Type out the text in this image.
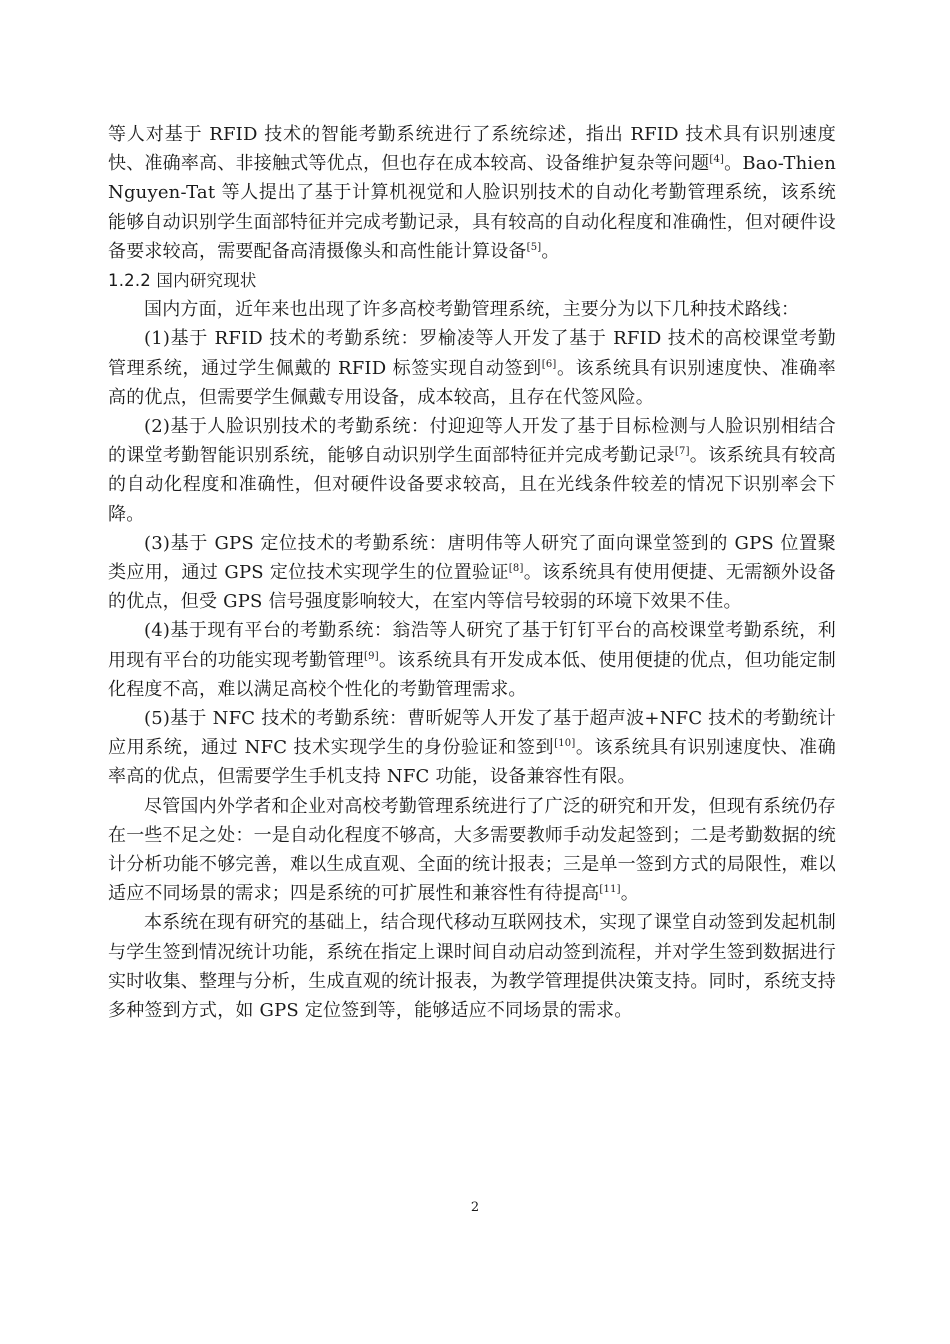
等人对基于 RFID 技术的智能考勤系统进行了系统综述，指出 RFID 技术具有识别速度快、准确率高、非接触式等优点，但也存在成本较高、设备维护复杂等问题[4]。Bao-Thien Nguyen-Tat 等人提出了基于计算机视觉和人脸识别技术的自动化考勤管理系统，该系统能够自动识别学生面部特征并完成考勤记录，具有较高的自动化程度和准确性，但对硬件设备要求较高，需要配备高清摄像头和高性能计算设备[5]。

1.2.2 国内研究现状

国内方面，近年来也出现了许多高校考勤管理系统，主要分为以下几种技术路线：

(1)基于 RFID 技术的考勤系统：罗榆凌等人开发了基于 RFID 技术的高校课堂考勤管理系统，通过学生佩戴的 RFID 标签实现自动签到[6]。该系统具有识别速度快、准确率高的优点，但需要学生佩戴专用设备，成本较高，且存在代签风险。

(2)基于人脸识别技术的考勤系统：付迎迎等人开发了基于目标检测与人脸识别相结合的课堂考勤智能识别系统，能够自动识别学生面部特征并完成考勤记录[7]。该系统具有较高的自动化程度和准确性，但对硬件设备要求较高，且在光线条件较差的情况下识别率会下降。

(3)基于 GPS 定位技术的考勤系统：唐明伟等人研究了面向课堂签到的 GPS 位置聚类应用，通过 GPS 定位技术实现学生的位置验证[8]。该系统具有使用便捷、无需额外设备的优点，但受 GPS 信号强度影响较大，在室内等信号较弱的环境下效果不佳。

(4)基于现有平台的考勤系统：翁浩等人研究了基于钉钉平台的高校课堂考勤系统，利用现有平台的功能实现考勤管理[9]。该系统具有开发成本低、使用便捷的优点，但功能定制化程度不高，难以满足高校个性化的考勤管理需求。

(5)基于 NFC 技术的考勤系统：曹昕妮等人开发了基于超声波+NFC 技术的考勤统计应用系统，通过 NFC 技术实现学生的身份验证和签到[10]。该系统具有识别速度快、准确率高的优点，但需要学生手机支持 NFC 功能，设备兼容性有限。

尽管国内外学者和企业对高校考勤管理系统进行了广泛的研究和开发，但现有系统仍存在一些不足之处：一是自动化程度不够高，大多需要教师手动发起签到；二是考勤数据的统计分析功能不够完善，难以生成直观、全面的统计报表；三是单一签到方式的局限性，难以适应不同场景的需求；四是系统的可扩展性和兼容性有待提高[11]。

本系统在现有研究的基础上，结合现代移动互联网技术，实现了课堂自动签到发起机制与学生签到情况统计功能，系统在指定上课时间自动启动签到流程，并对学生签到数据进行实时收集、整理与分析，生成直观的统计报表，为教学管理提供决策支持。同时，系统支持多种签到方式，如 GPS 定位签到等，能够适应不同场景的需求。

2
